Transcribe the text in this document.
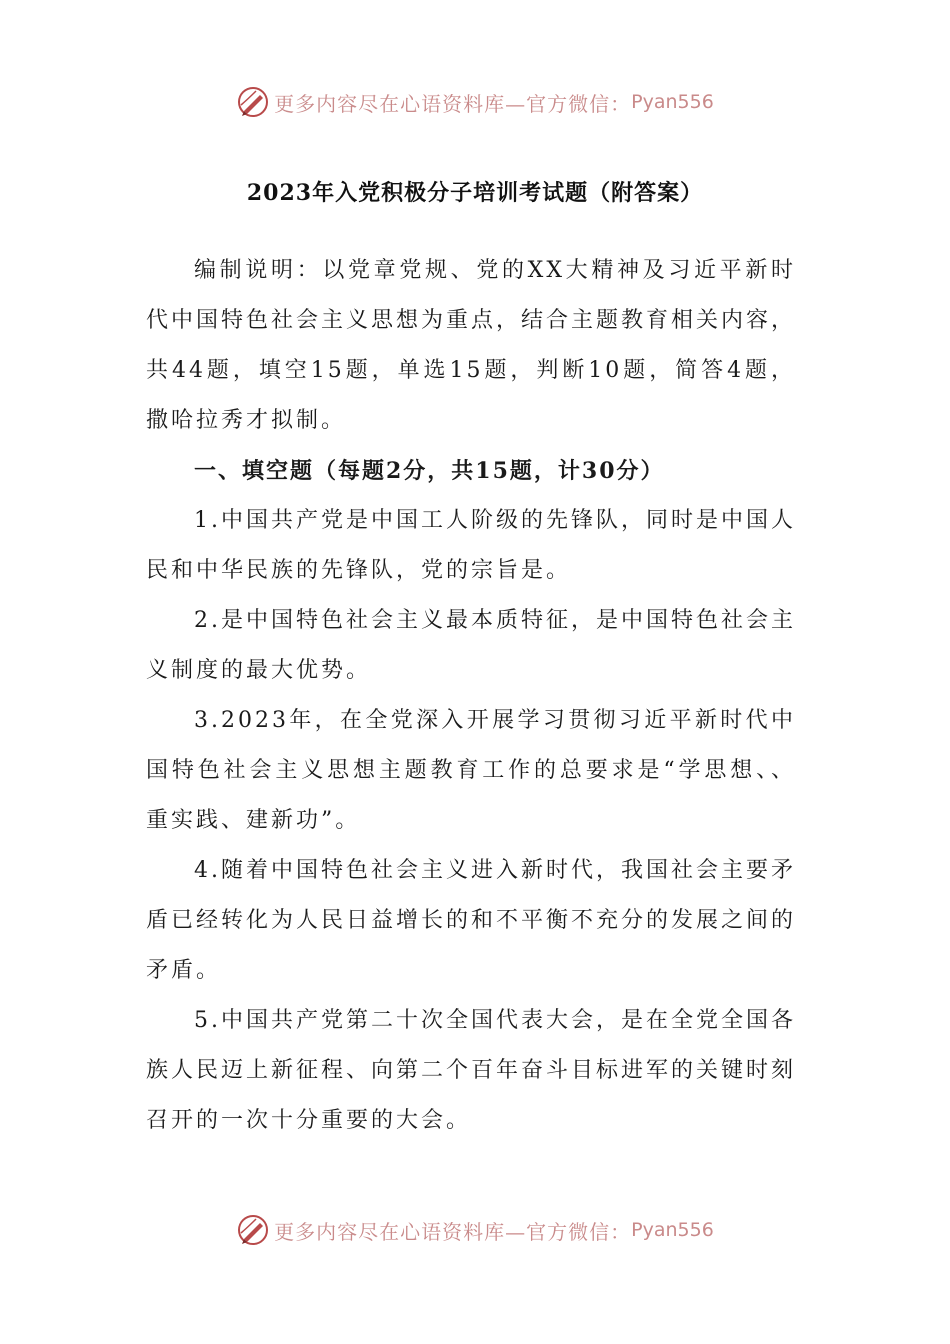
更多内容尽在心语资料库—官方微信： Pyan556
2023年入党积极分子培训考试题（附答案）

编制说明：以党章党规、党的XX大精神及习近平新时代中国特色社会主义思想为重点，结合主题教育相关内容，共44题，填空15题，单选15题，判断10题，简答4题，撒哈拉秀才拟制。

一、填空题（每题2分，共15题，计30分）

1.中国共产党是中国工人阶级的先锋队，同时是中国人民和中华民族的先锋队，党的宗旨是。

2.是中国特色社会主义最本质特征，是中国特色社会主义制度的最大优势。

3.2023年，在全党深入开展学习贯彻习近平新时代中国特色社会主义思想主题教育工作的总要求是“学思想、、重实践、建新功”。

4.随着中国特色社会主义进入新时代，我国社会主要矛盾已经转化为人民日益增长的和不平衡不充分的发展之间的矛盾。

5.中国共产党第二十次全国代表大会，是在全党全国各族人民迈上新征程、向第二个百年奋斗目标进军的关键时刻召开的一次十分重要的大会。

更多内容尽在心语资料库—官方微信： Pyan556
